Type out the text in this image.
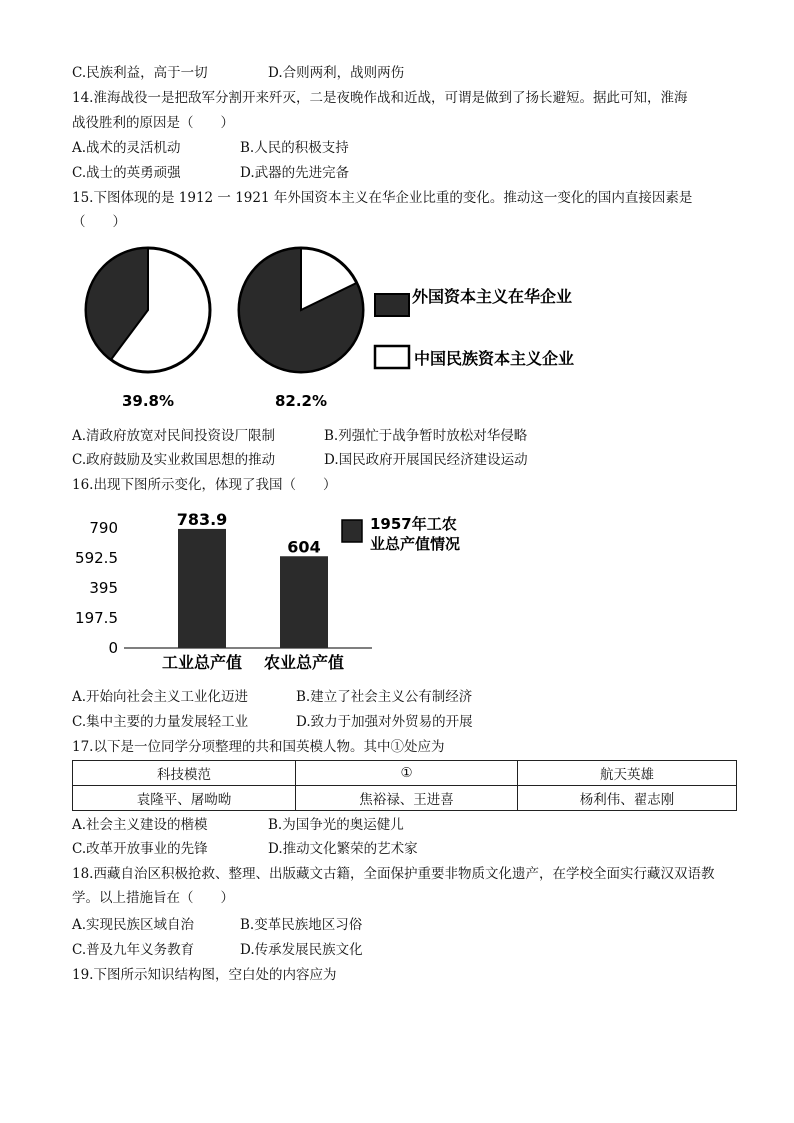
C.民族利益，高于一切	D.合则两利，战则两伤
14.淮海战役一是把敌军分割开来歼灭，二是夜晚作战和近战，可谓是做到了扬长避短。据此可知，淮海
战役胜利的原因是（　　）
A.战术的灵活机动	B.人民的积极支持
C.战士的英勇顽强	D.武器的先进完备
15.下图体现的是 1912 一 1921 年外国资本主义在华企业比重的变化。推动这一变化的国内直接因素是
（　　）
39.8%	82.2%
外国资本主义在华企业
中国民族资本主义企业
A.清政府放宽对民间投资设厂限制	B.列强忙于战争暂时放松对华侵略
C.政府鼓励及实业救国思想的推动	D.国民政府开展国民经济建设运动
16.出现下图所示变化，体现了我国（　　）
790
592.5
395
197.5
0
783.9
工业总产值
604
农业总产值
1957年工农
业总产值情况
A.开始向社会主义工业化迈进	B.建立了社会主义公有制经济
C.集中主要的力量发展轻工业	D.致力于加强对外贸易的开展
17.以下是一位同学分项整理的共和国英模人物。其中①处应为
科技模范	①	航天英雄
袁隆平、屠呦呦	焦裕禄、王进喜	杨利伟、翟志刚
A.社会主义建设的楷模	B.为国争光的奥运健儿
C.改革开放事业的先锋	D.推动文化繁荣的艺术家
18.西藏自治区积极抢救、整理、出版藏文古籍，全面保护重要非物质文化遗产，在学校全面实行藏汉双语教学。以上措施旨在（　　）
A.实现民族区域自治	B.变革民族地区习俗
C.普及九年义务教育	D.传承发展民族文化
19.下图所示知识结构图，空白处的内容应为
